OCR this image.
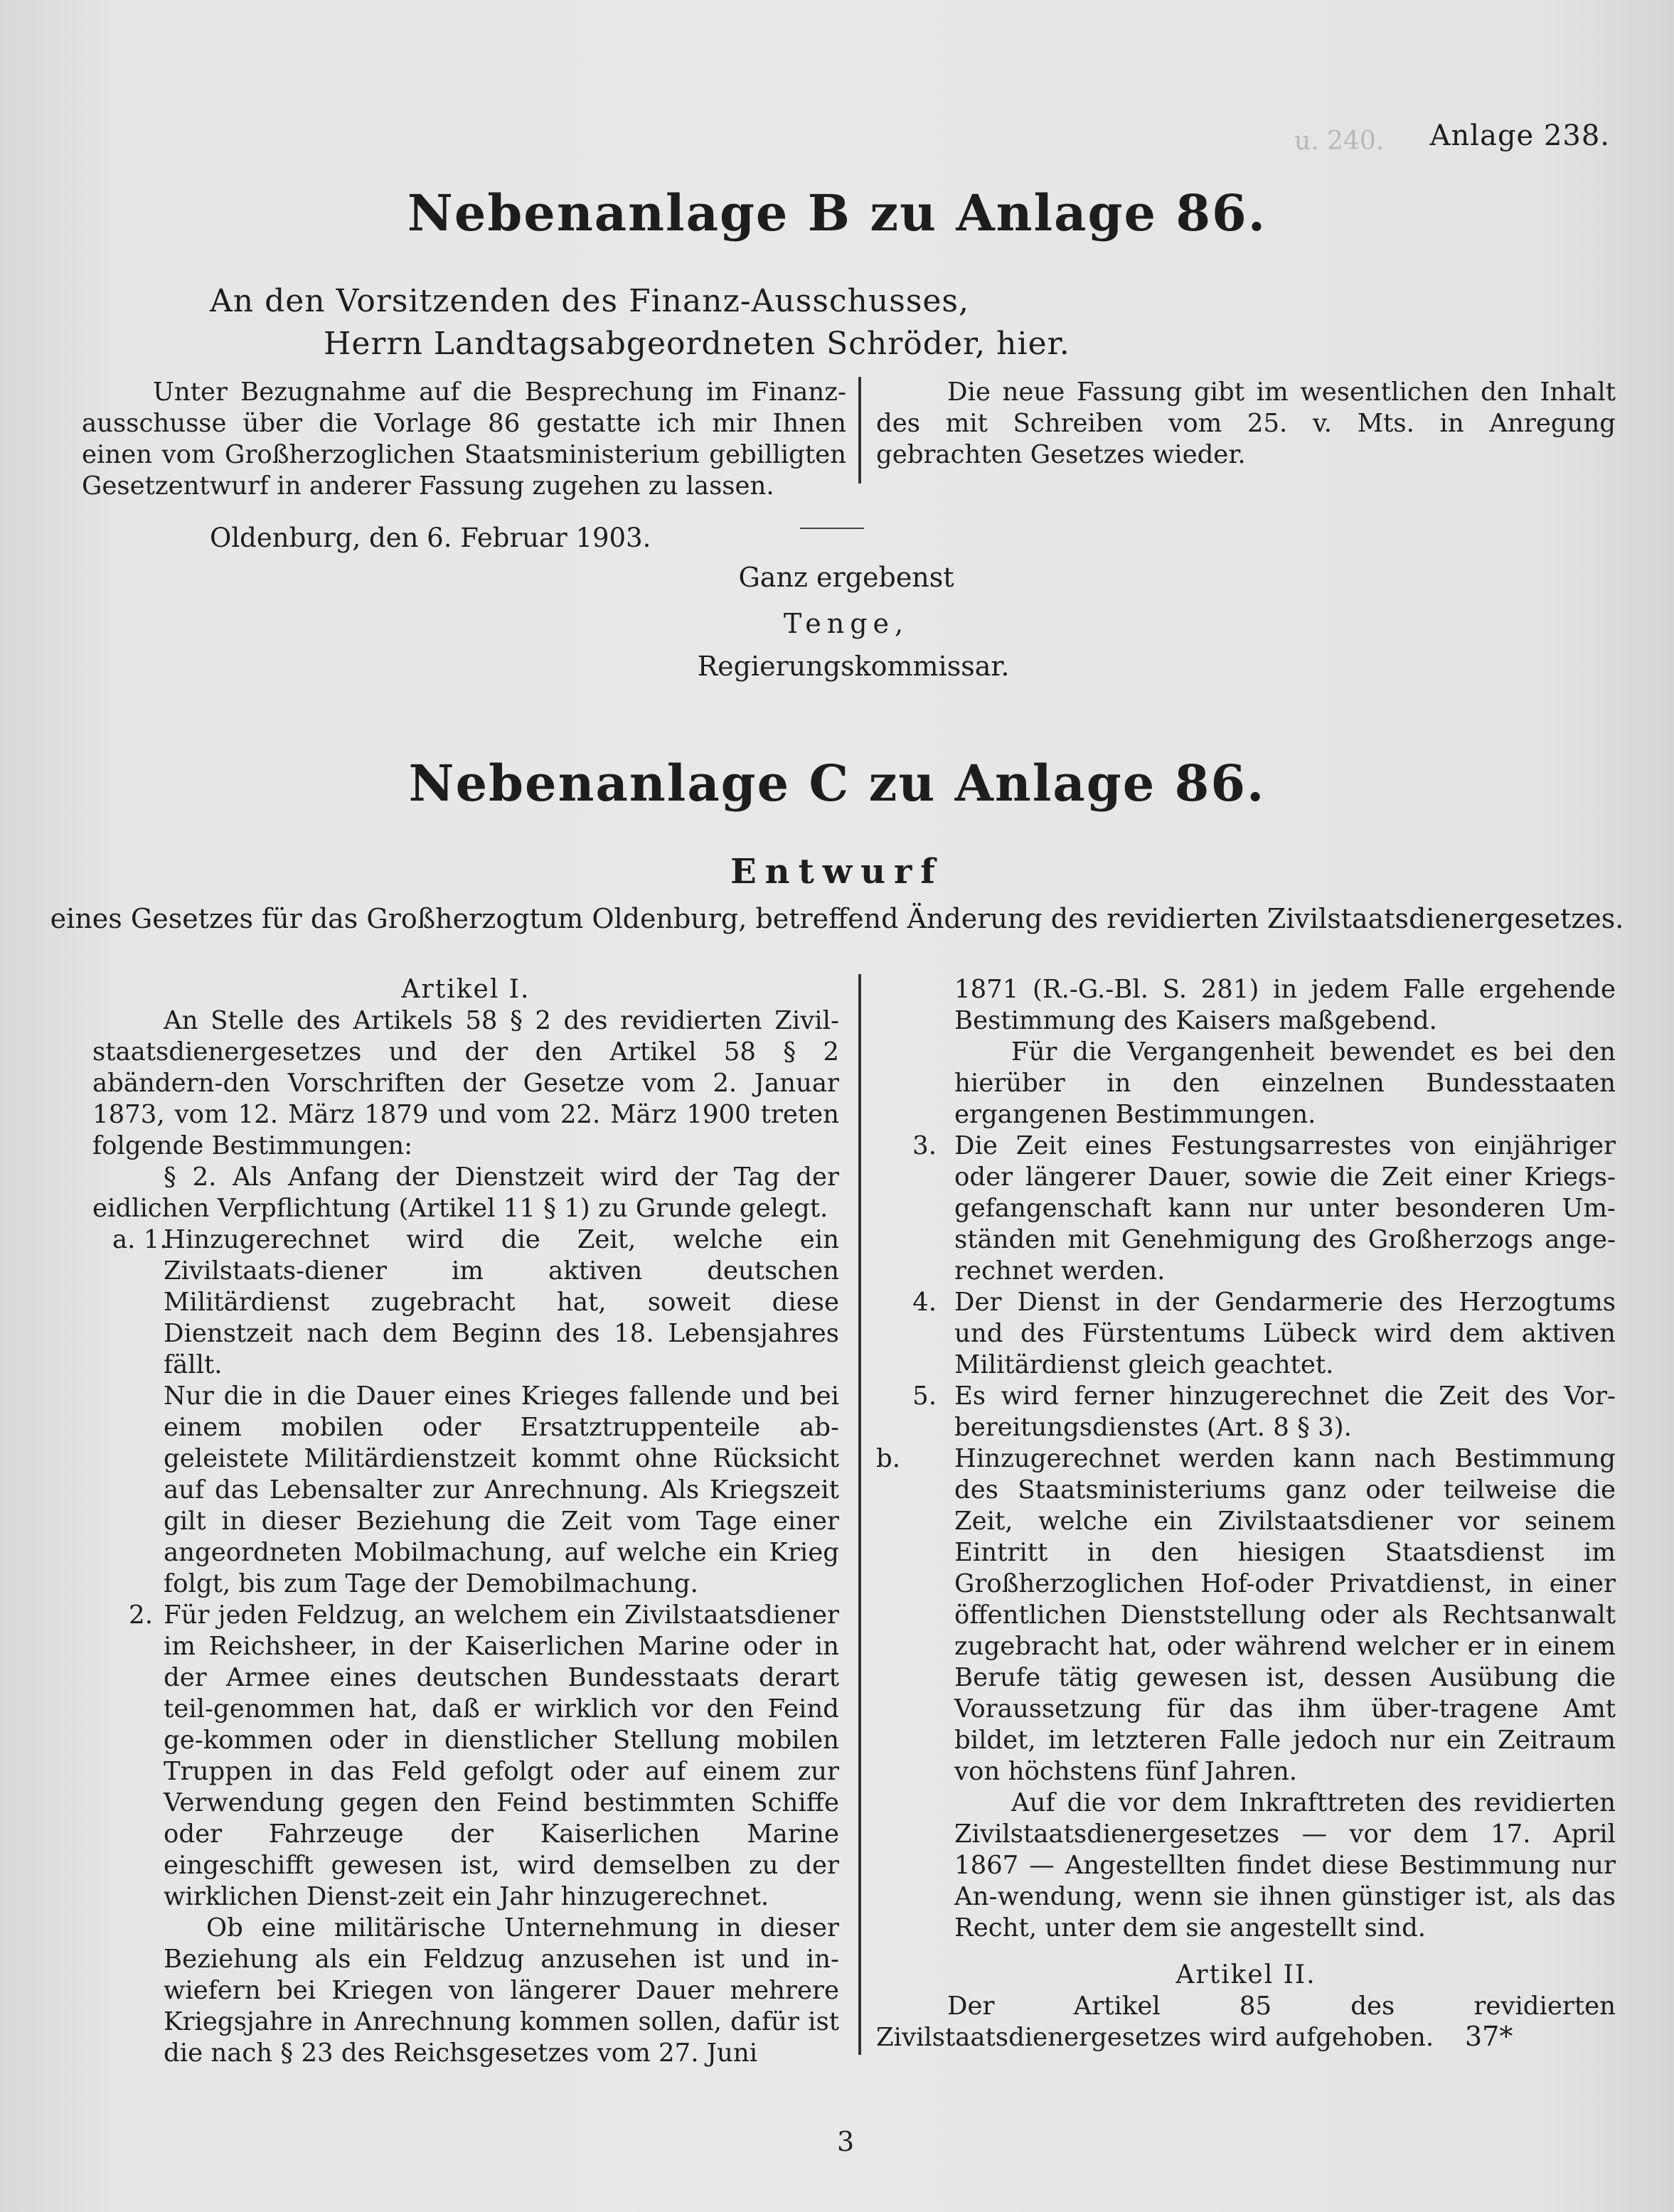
u. 240. Anlage 238.
Nebenanlage B zu Anlage 86.
An den Vorsitzenden des Finanz-Ausschusses,
Herrn Landtagsabgeordneten Schröder, hier.

Unter Bezugnahme auf die Besprechung im Finanz-ausschusse über die Vorlage 86 gestatte ich mir Ihnen einen vom Großherzoglichen Staatsministerium gebilligten Gesetzentwurf in anderer Fassung zugehen zu lassen.

Die neue Fassung gibt im wesentlichen den Inhalt des mit Schreiben vom 25. v. Mts. in Anregung gebrachten Gesetzes wieder.

Oldenburg, den 6. Februar 1903.
Ganz ergebenst
Tenge,
Regierungskommissar.
Nebenanlage C zu Anlage 86.
Entwurf
eines Gesetzes für das Großherzogtum Oldenburg, betreffend Änderung des revidierten Zivilstaatsdienergesetzes.

Artikel I.

An Stelle des Artikels 58 § 2 des revidierten Zivil-staatsdienergesetzes und der den Artikel 58 § 2 abändern-den Vorschriften der Gesetze vom 2. Januar 1873, vom 12. März 1879 und vom 22. März 1900 treten folgende Bestimmungen:

§ 2. Als Anfang der Dienstzeit wird der Tag der eidlichen Verpflichtung (Artikel 11 § 1) zu Grunde gelegt.

a. 1.
Hinzugerechnet wird die Zeit, welche ein Zivilstaats-diener im aktiven deutschen Militärdienst zugebracht hat, soweit diese Dienstzeit nach dem Beginn des 18. Lebensjahres fällt.

Nur die in die Dauer eines Krieges fallende und bei einem mobilen oder Ersatztruppenteile ab-geleistete Militärdienstzeit kommt ohne Rücksicht auf das Lebensalter zur Anrechnung. Als Kriegszeit gilt in dieser Beziehung die Zeit vom Tage einer angeordneten Mobilmachung, auf welche ein Krieg folgt, bis zum Tage der Demobilmachung.

2. Für jeden Feldzug, an welchem ein Zivilstaatsdiener im Reichsheer, in der Kaiserlichen Marine oder in der Armee eines deutschen Bundesstaats derart teil-genommen hat, daß er wirklich vor den Feind ge-kommen oder in dienstlicher Stellung mobilen Truppen in das Feld gefolgt oder auf einem zur Verwendung gegen den Feind bestimmten Schiffe oder Fahrzeuge der Kaiserlichen Marine eingeschifft gewesen ist, wird demselben zu der wirklichen Dienst-zeit ein Jahr hinzugerechnet.

Ob eine militärische Unternehmung in dieser Beziehung als ein Feldzug anzusehen ist und in-wiefern bei Kriegen von längerer Dauer mehrere Kriegsjahre in Anrechnung kommen sollen, dafür ist die nach § 23 des Reichsgesetzes vom 27. Juni

1871 (R.-G.-Bl. S. 281) in jedem Falle ergehende Bestimmung des Kaisers maßgebend.

Für die Vergangenheit bewendet es bei den hierüber in den einzelnen Bundesstaaten ergangenen Bestimmungen.

3. Die Zeit eines Festungsarrestes von einjähriger oder längerer Dauer, sowie die Zeit einer Kriegs-gefangenschaft kann nur unter besonderen Um-ständen mit Genehmigung des Großherzogs ange-rechnet werden.

4. Der Dienst in der Gendarmerie des Herzogtums und des Fürstentums Lübeck wird dem aktiven Militärdienst gleich geachtet.

5. Es wird ferner hinzugerechnet die Zeit des Vor-bereitungsdienstes (Art. 8 § 3).

b. Hinzugerechnet werden kann nach Bestimmung des Staatsministeriums ganz oder teilweise die Zeit, welche ein Zivilstaatsdiener vor seinem Eintritt in den hiesigen Staatsdienst im Großherzoglichen Hof-oder Privatdienst, in einer öffentlichen Dienststellung oder als Rechtsanwalt zugebracht hat, oder während welcher er in einem Berufe tätig gewesen ist, dessen Ausübung die Voraussetzung für das ihm über-tragene Amt bildet, im letzteren Falle jedoch nur ein Zeitraum von höchstens fünf Jahren.

Auf die vor dem Inkrafttreten des revidierten Zivilstaatsdienergesetzes — vor dem 17. April 1867 — Angestellten findet diese Bestimmung nur An-wendung, wenn sie ihnen günstiger ist, als das Recht, unter dem sie angestellt sind.

Artikel II.

Der Artikel 85 des revidierten Zivilstaatsdienergesetzes wird aufgehoben.	37*
3
